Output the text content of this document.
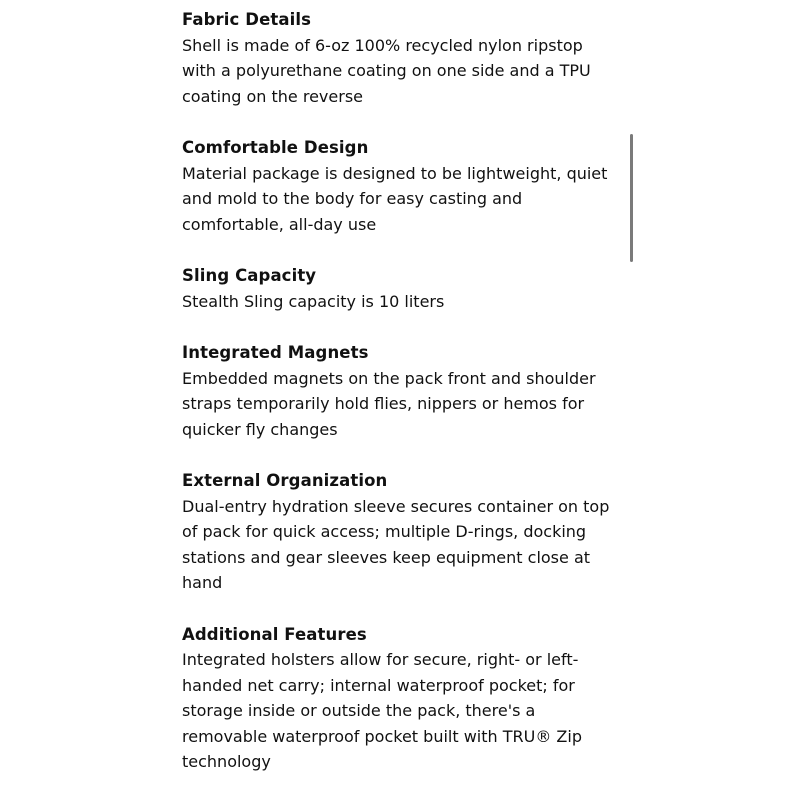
Fabric Details

Shell is made of 6-oz 100% recycled nylon ripstop with a polyurethane coating on one side and a TPU coating on the reverse

Comfortable Design

Material package is designed to be lightweight, quiet and mold to the body for easy casting and comfortable, all-day use

Sling Capacity

Stealth Sling capacity is 10 liters

Integrated Magnets

Embedded magnets on the pack front and shoulder straps temporarily hold flies, nippers or hemos for quicker fly changes

External Organization

Dual-entry hydration sleeve secures container on top of pack for quick access; multiple D-rings, docking stations and gear sleeves keep equipment close at hand

Additional Features

Integrated holsters allow for secure, right- or left-handed net carry; internal waterproof pocket; for storage inside or outside the pack, there's a removable waterproof pocket built with TRU® Zip technology
